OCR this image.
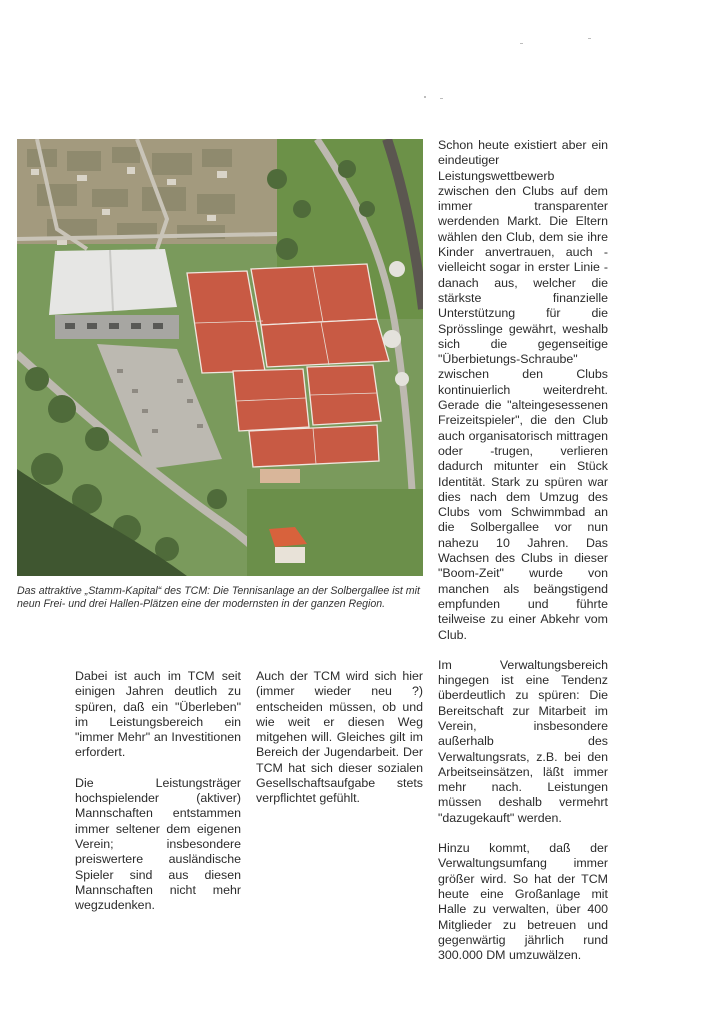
Das attraktive „Stamm-Kapital“ des TCM: Die Tennisanlage an der Solbergallee ist mit neun Frei- und drei Hallen-Plätzen eine der modernsten in der ganzen Region.

Schon heute existiert aber ein eindeutiger Leistungswettbewerb zwischen den Clubs auf dem immer transparenter werdenden Markt. Die Eltern wählen den Club, dem sie ihre Kinder anvertrauen, auch - vielleicht sogar in erster Linie - danach aus, welcher die stärkste finanzielle Unterstützung für die Sprösslinge gewährt, weshalb sich die gegenseitige "Überbietungs-Schraube" zwischen den Clubs kontinuierlich weiterdreht. Gerade die "alteingesessenen Freizeitspieler", die den Club auch organisatorisch mittragen oder -trugen, verlieren dadurch mitunter ein Stück Identität. Stark zu spüren war dies nach dem Umzug des Clubs vom Schwimmbad an die Solbergallee vor nun nahezu 10 Jahren. Das Wachsen des Clubs in dieser "Boom-Zeit" wurde von manchen als beängstigend empfunden und führte teilweise zu einer Abkehr vom Club.

Im Verwaltungsbereich hingegen ist eine Tendenz überdeutlich zu spüren: Die Bereitschaft zur Mitarbeit im Verein, insbesondere außerhalb des Verwaltungsrats, z.B. bei den Arbeitseinsätzen, läßt immer mehr nach. Leistungen müssen deshalb vermehrt "dazugekauft" werden.

Hinzu kommt, daß der Verwaltungsumfang immer größer wird. So hat der TCM heute eine Großanlage mit Halle zu verwalten, über 400 Mitglieder zu betreuen und gegenwärtig jährlich rund 300.000 DM umzuwälzen.

Dabei ist auch im TCM seit einigen Jahren deutlich zu spüren, daß ein "Überleben" im Leistungsbereich ein "immer Mehr" an Investitionen erfordert.

Die Leistungsträger hochspielender (aktiver) Mannschaften entstammen immer seltener dem eigenen Verein; insbesondere preiswertere ausländische Spieler sind aus diesen Mannschaften nicht mehr wegzudenken.

Auch der TCM wird sich hier (immer wieder neu ?) entscheiden müssen, ob und wie weit er diesen Weg mitgehen will. Gleiches gilt im Bereich der Jugendarbeit. Der TCM hat sich dieser sozialen Gesellschaftsaufgabe stets verpflichtet gefühlt.
